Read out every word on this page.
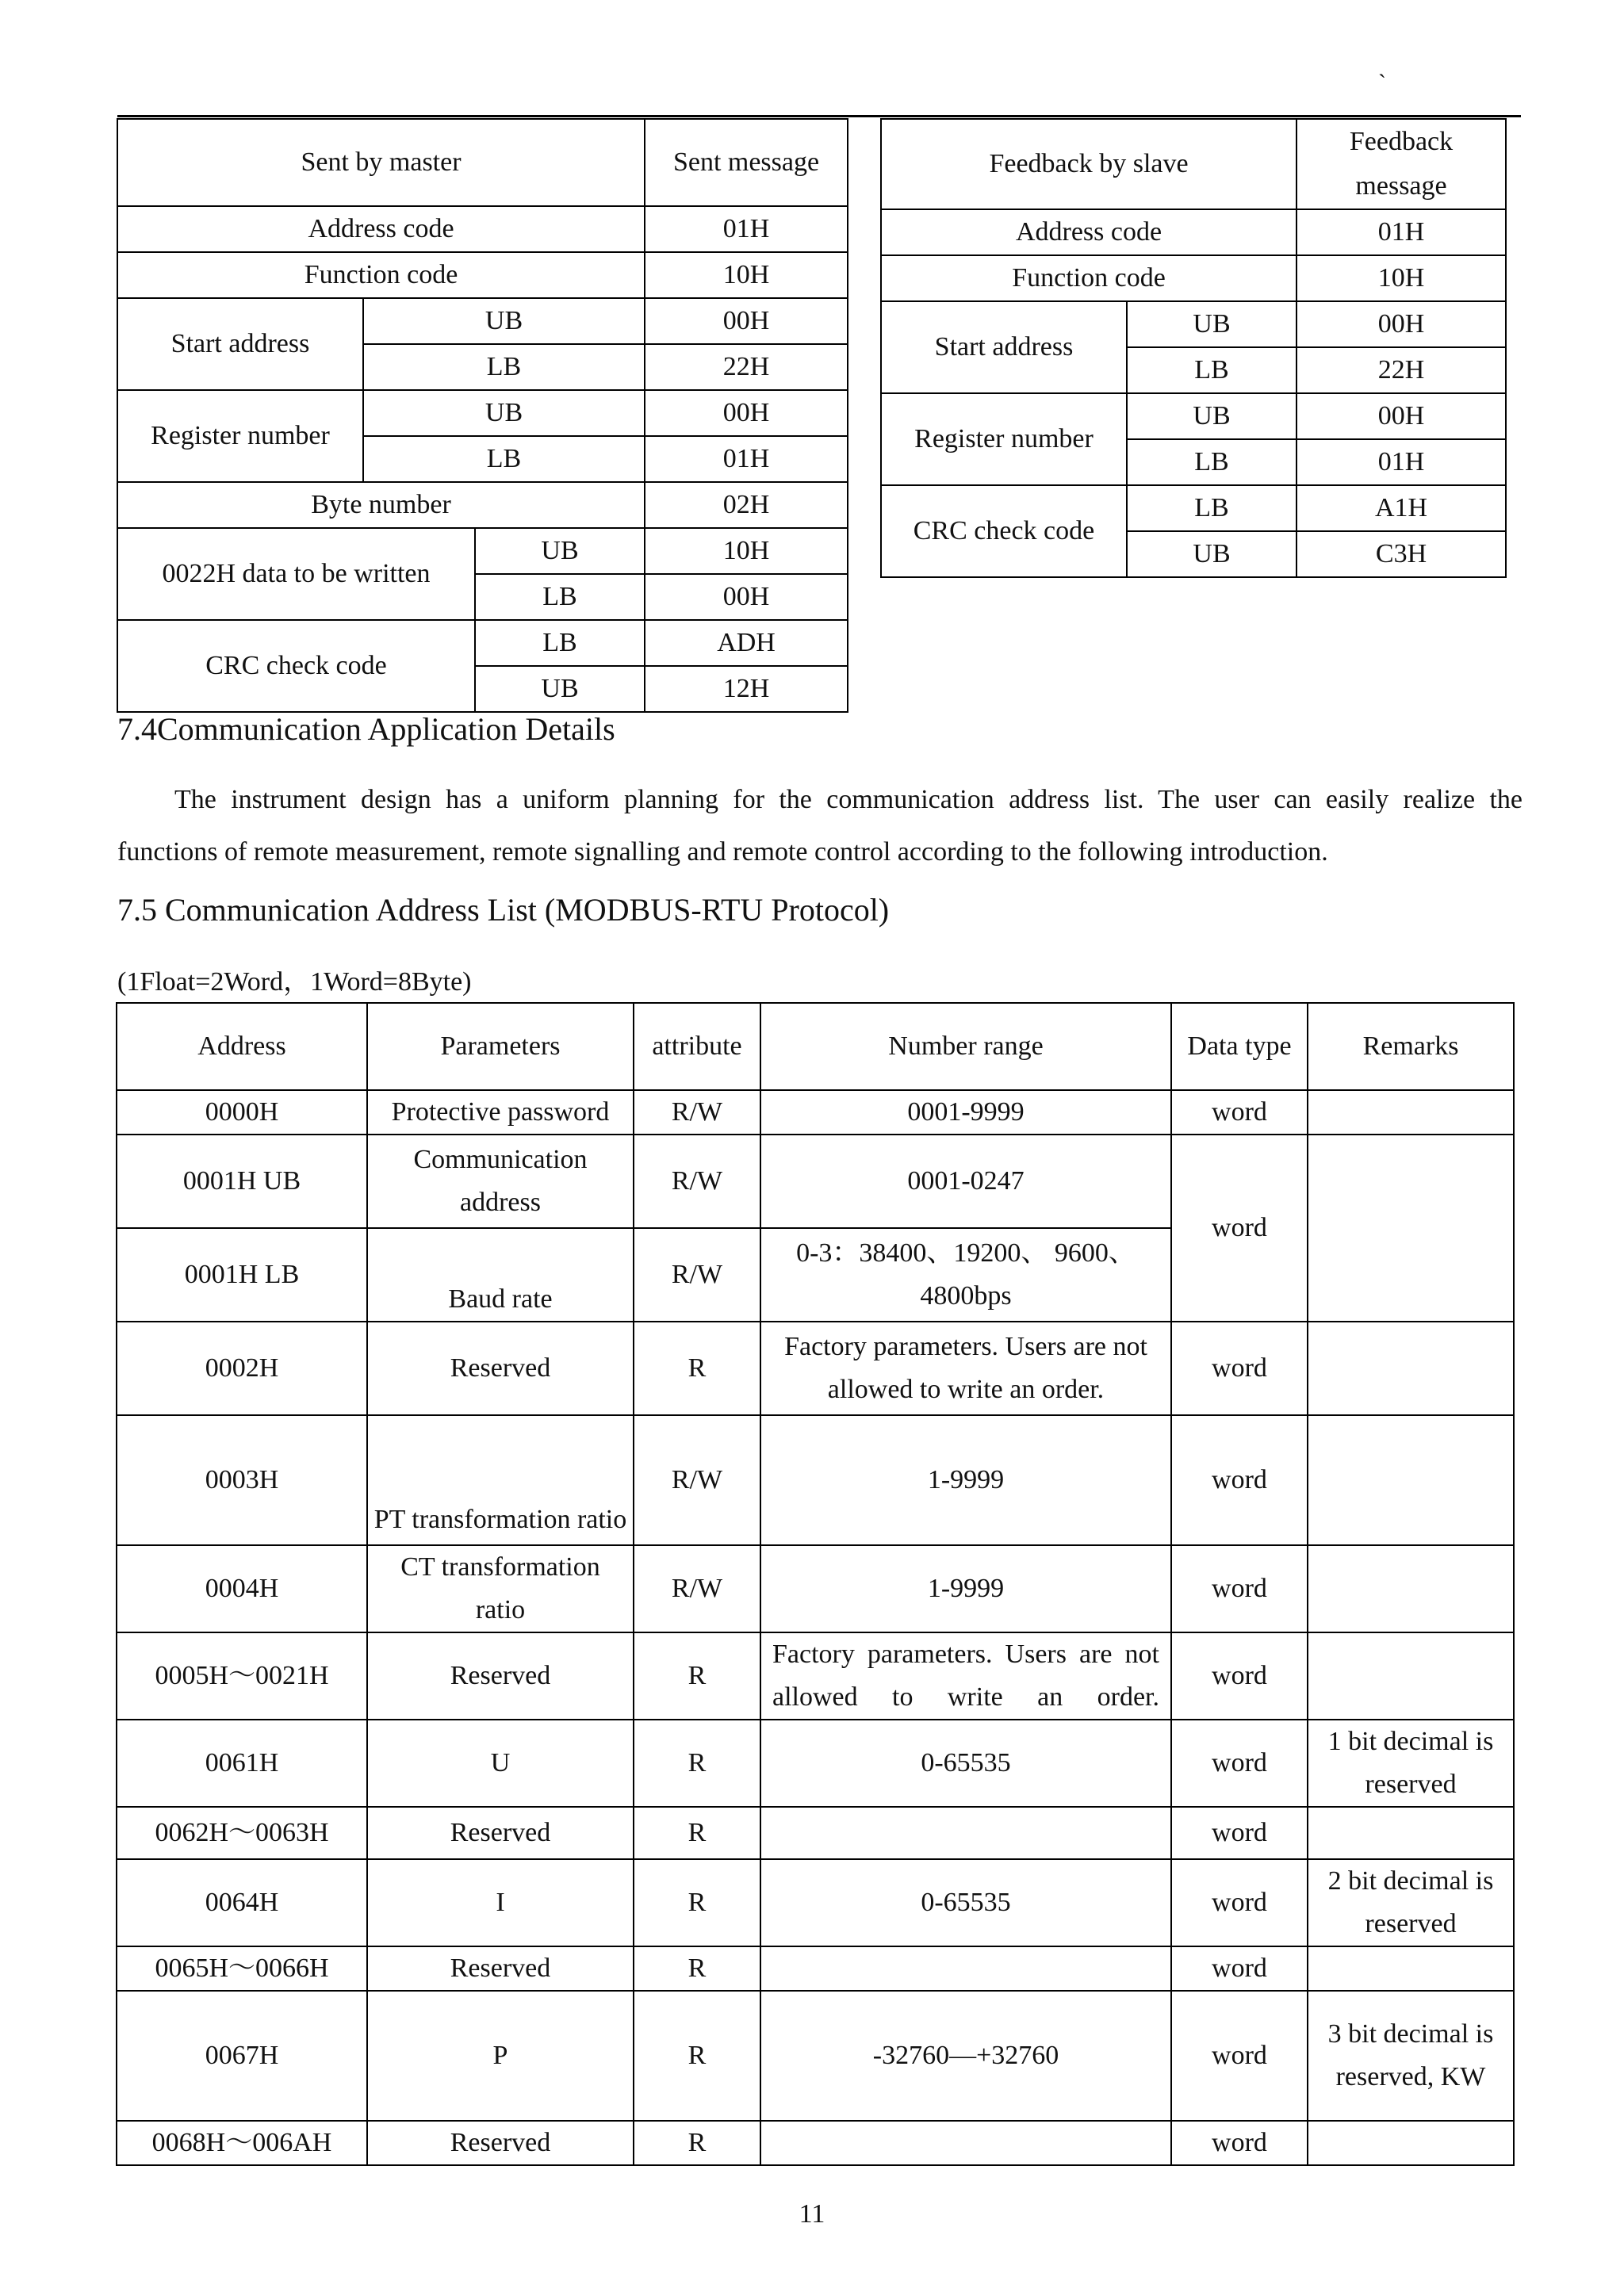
`
Sent by master			Sent message
Address code			01H
Function code			10H
Start address	UB		00H
	LB		22H
Register number	UB		00H
	LB		01H
Byte number			02H
0022H data to be written		UB	10H
		LB	00H
CRC check code		LB	ADH
		UB	12H
Feedback by slave		Feedback message
Address code		01H
Function code		10H
Start address	UB	00H
	LB	22H
Register number	UB	00H
	LB	01H
CRC check code	LB	A1H
	UB	C3H
7.4Communication Application Details
The instrument design has a uniform planning for the communication address list. The user can easily realize the
functions of remote measurement, remote signalling and remote control according to the following introduction.
7.5 Communication Address List (MODBUS-RTU Protocol)
(1Float=2Word，1Word=8Byte)
Address	Parameters	attribute	Number range	Data type	Remarks
0000H	Protective password	R/W	0001-9999	word	
0001H UB	Communication address	R/W	0001-0247	word	
0001H LB	Baud rate	R/W	0-3：38400、19200、 9600、4800bps		
0002H	Reserved	R	Factory parameters. Users are not allowed to write an order.	word	
0003H	PT transformation ratio	R/W	1-9999	word	
0004H	CT transformation ratio	R/W	1-9999	word	
0005H～0021H	Reserved	R	Factory parameters. Users are not allowed to write an order.	word	
0061H	U	R	0-65535	word	1 bit decimal is reserved
0062H～0063H	Reserved	R		word	
0064H	I	R	0-65535	word	2 bit decimal is reserved
0065H～0066H	Reserved	R		word	
0067H	P	R	-32760—+32760	word	3 bit decimal is reserved, KW
0068H～006AH	Reserved	R		word	
11
